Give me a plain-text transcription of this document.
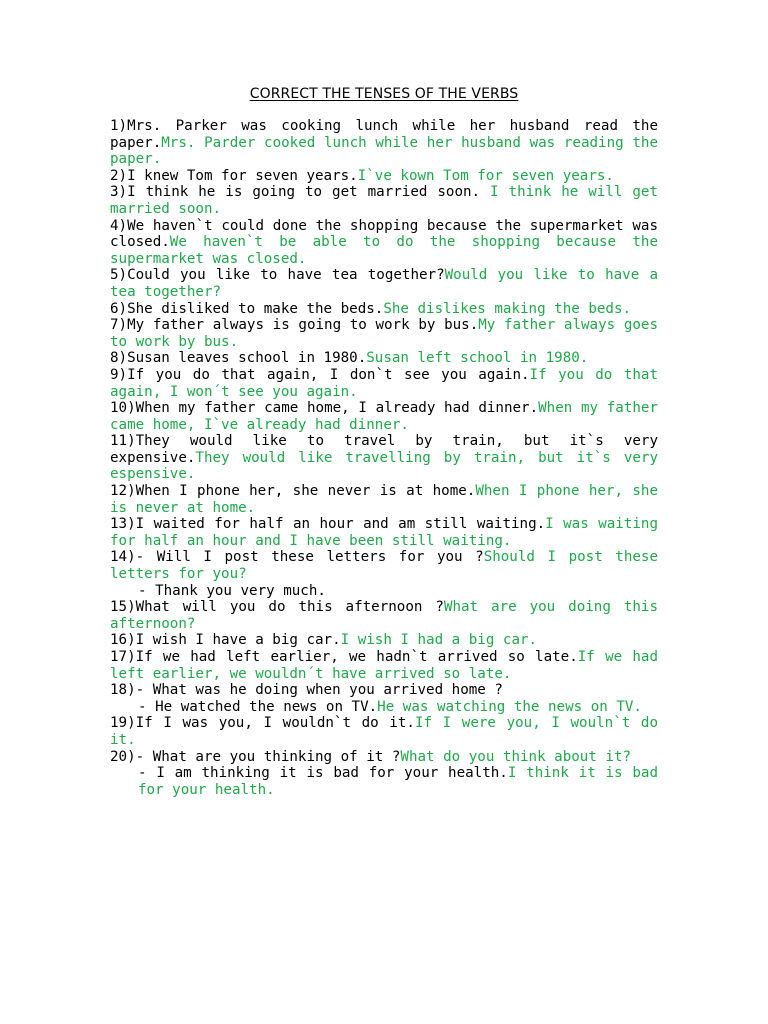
CORRECT THE TENSES OF THE VERBS

1)Mrs. Parker was cooking lunch while her husband read the paper.Mrs. Parder cooked lunch while her husband was reading the paper.

2)I knew Tom for seven years.I`ve kown Tom for seven years.

3)I think he is going to get married soon. I think he will get married soon.

4)We haven`t could done the shopping because the supermarket was closed.We haven`t be able to do the shopping because the supermarket was closed.

5)Could you like to have tea together?Would you like to have a tea together?

6)She disliked to make the beds.She dislikes making the beds.

7)My father always is going to work by bus.My father always goes to work by bus.

8)Susan leaves school in 1980.Susan left school in 1980.

9)If you do that again, I don`t see you again.If you do that again, I won´t see you again.

10)When my father came home, I already had dinner.When my father came home, I`ve already had dinner.

11)They would like to travel by train, but it`s very expensive.They would like travelling by train, but it`s very espensive.

12)When I phone her, she never is at home.When I phone her, she is never at home.

13)I waited for half an hour and am still waiting.I was waiting for half an hour and I have been still waiting.

14)- Will I post these letters for you ?Should I post these letters for you?

- Thank you very much.

15)What will you do this afternoon ?What are you doing this afternoon?

16)I wish I have a big car.I wish I had a big car.

17)If we had left earlier, we hadn`t arrived so late.If we had left earlier, we wouldn´t have arrived so late.

18)- What was he doing when you arrived home ?

- He watched the news on TV.He was watching the news on TV.

19)If I was you, I wouldn`t do it.If I were you, I wouln`t do it.

20)- What are you thinking of it ?What do you think about it?

- I am thinking it is bad for your health.I think it is bad for your health.
